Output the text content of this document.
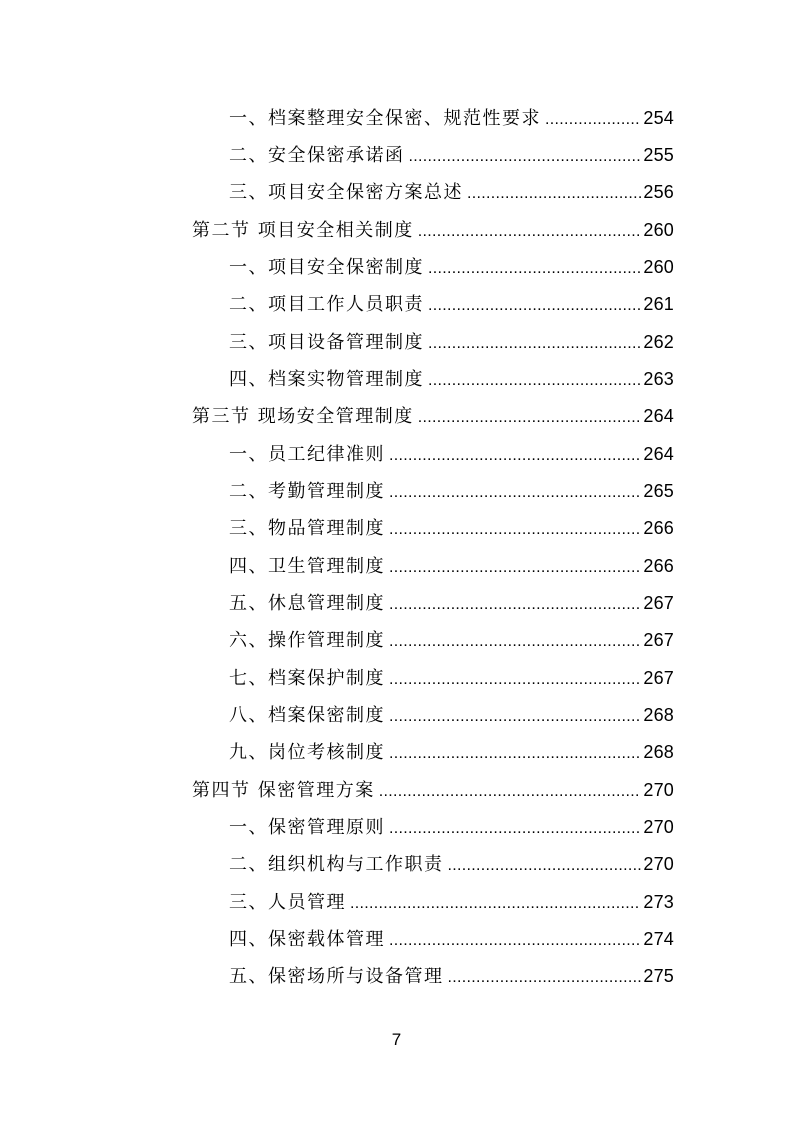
一、档案整理安全保密、规范性要求 .....	254
二、安全保密承诺函 .....	255
三、项目安全保密方案总述 .....	256
第二节 项目安全相关制度 .....	260
一、项目安全保密制度 .....	260
二、项目工作人员职责 .....	261
三、项目设备管理制度 .....	262
四、档案实物管理制度 .....	263
第三节 现场安全管理制度 .....	264
一、员工纪律准则 .....	264
二、考勤管理制度 .....	265
三、物品管理制度 .....	266
四、卫生管理制度 .....	266
五、休息管理制度 .....	267
六、操作管理制度 .....	267
七、档案保护制度 .....	267
八、档案保密制度 .....	268
九、岗位考核制度 .....	268
第四节 保密管理方案 .....	270
一、保密管理原则 .....	270
二、组织机构与工作职责 .....	270
三、人员管理 .....	273
四、保密载体管理 .....	274
五、保密场所与设备管理 .....	275
7
